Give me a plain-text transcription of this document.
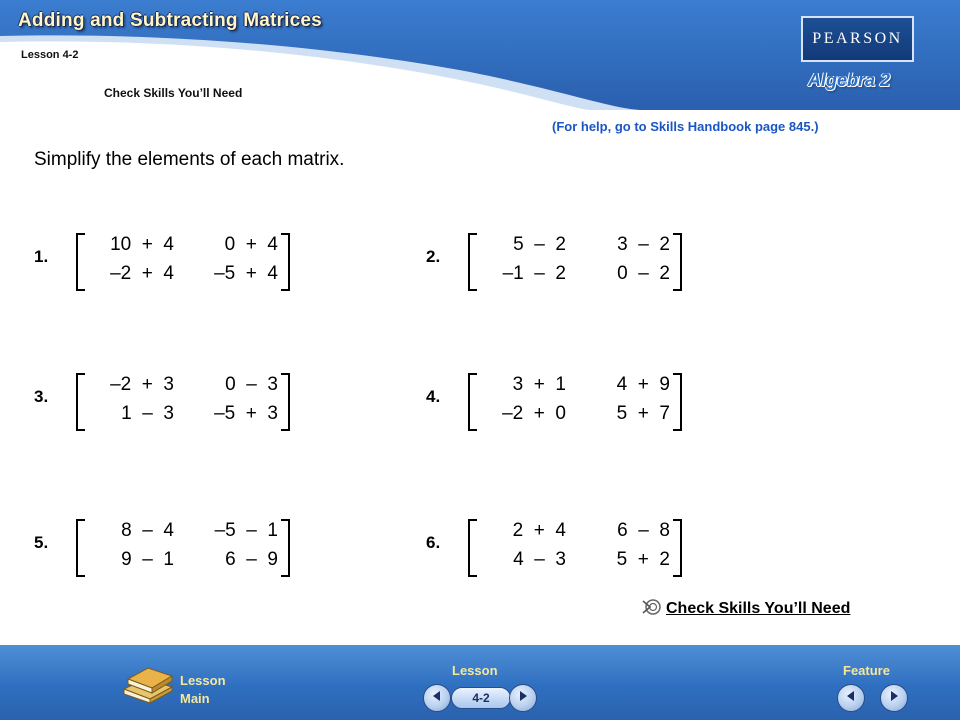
Adding and Subtracting Matrices
Lesson 4-2
Check Skills You’ll Need
PEARSON
Algebra 2
(For help, go to Skills Handbook page 845.)
Simplify the elements of each matrix.
1.
10  +  4	0  +  4
–2  +  4	–5  +  4
2.
5  –  2	3  –  2
–1  –  2	0  –  2
3.
–2  +  3	0  –  3
1  –  3	–5  +  3
4.
3  +  1	4  +  9
–2  +  0	5  +  7
5.
8  –  4	–5  –  1
9  –  1	6  –  9
6.
2  +  4	6  –  8
4  –  3	5  +  2
Check Skills You’ll Need
Lesson
Main
Lesson
4-2
Feature
